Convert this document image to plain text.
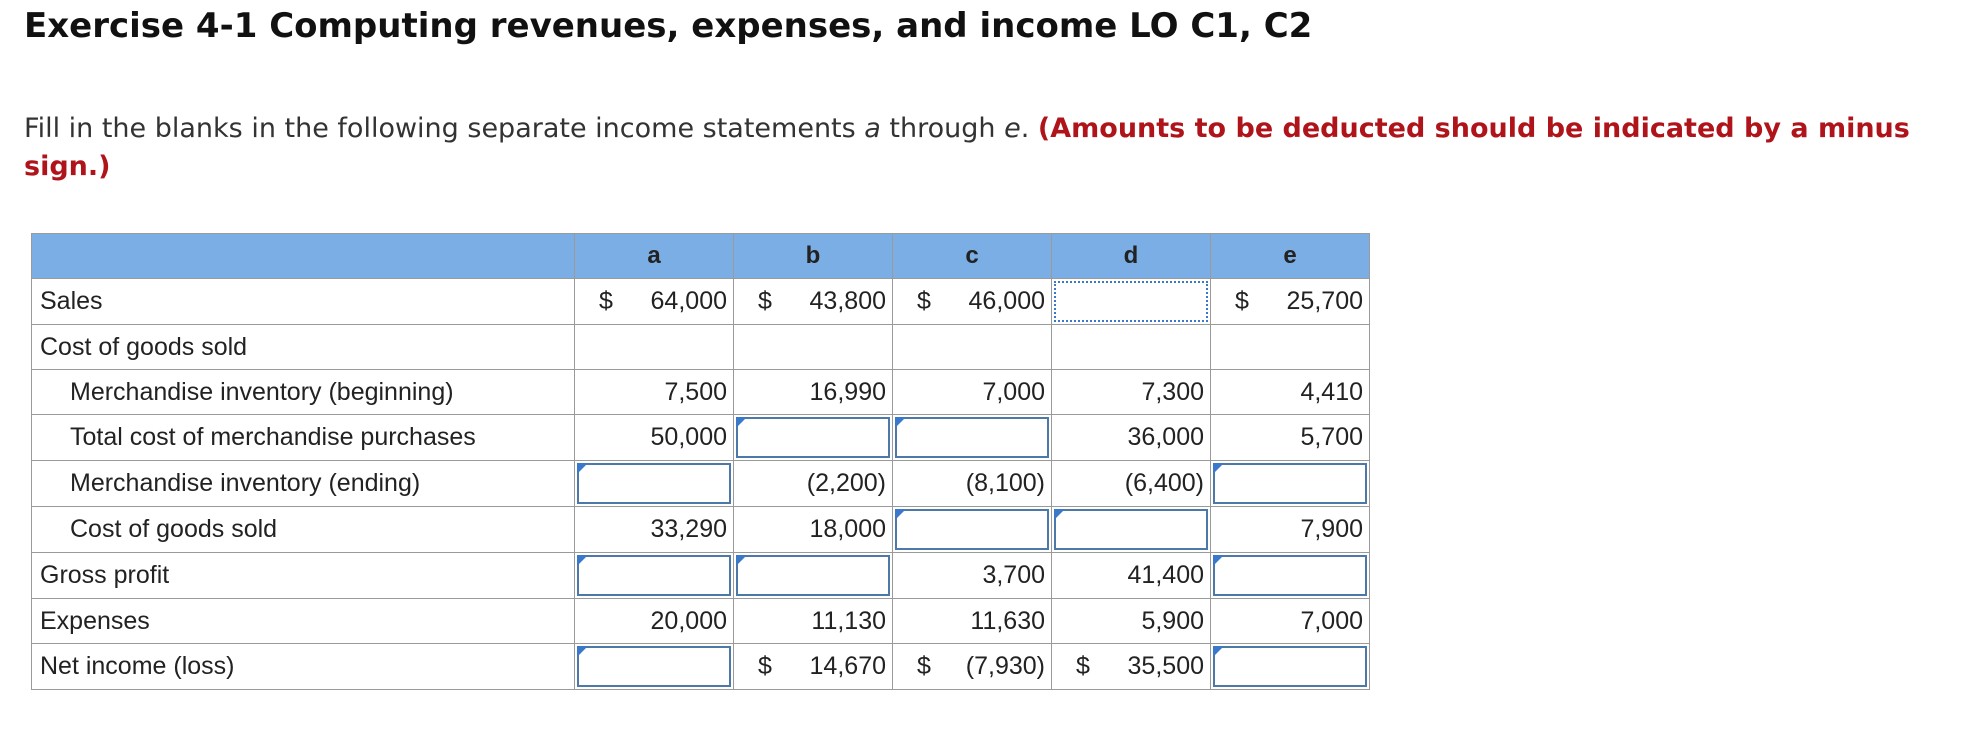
Exercise 4-1 Computing revenues, expenses, and income LO C1, C2
Fill in the blanks in the following separate income statements a through e. (Amounts to be deducted should be indicated by a minus sign.)
	a	b	c	d	e
Sales	$ 64,000	$ 43,800	$ 46,000		$ 25,700
Cost of goods sold					
Merchandise inventory (beginning)	7,500	16,990	7,000	7,300	4,410
Total cost of merchandise purchases	50,000			36,000	5,700
Merchandise inventory (ending)		(2,200)	(8,100)	(6,400)	

Cost of goods sold	33,290	18,000			7,900
Gross profit			3,700	41,400	

Expenses	20,000	11,130	11,630	5,900	7,000
Net income (loss)		$ 14,670	$ (7,930)	$ 35,500	
